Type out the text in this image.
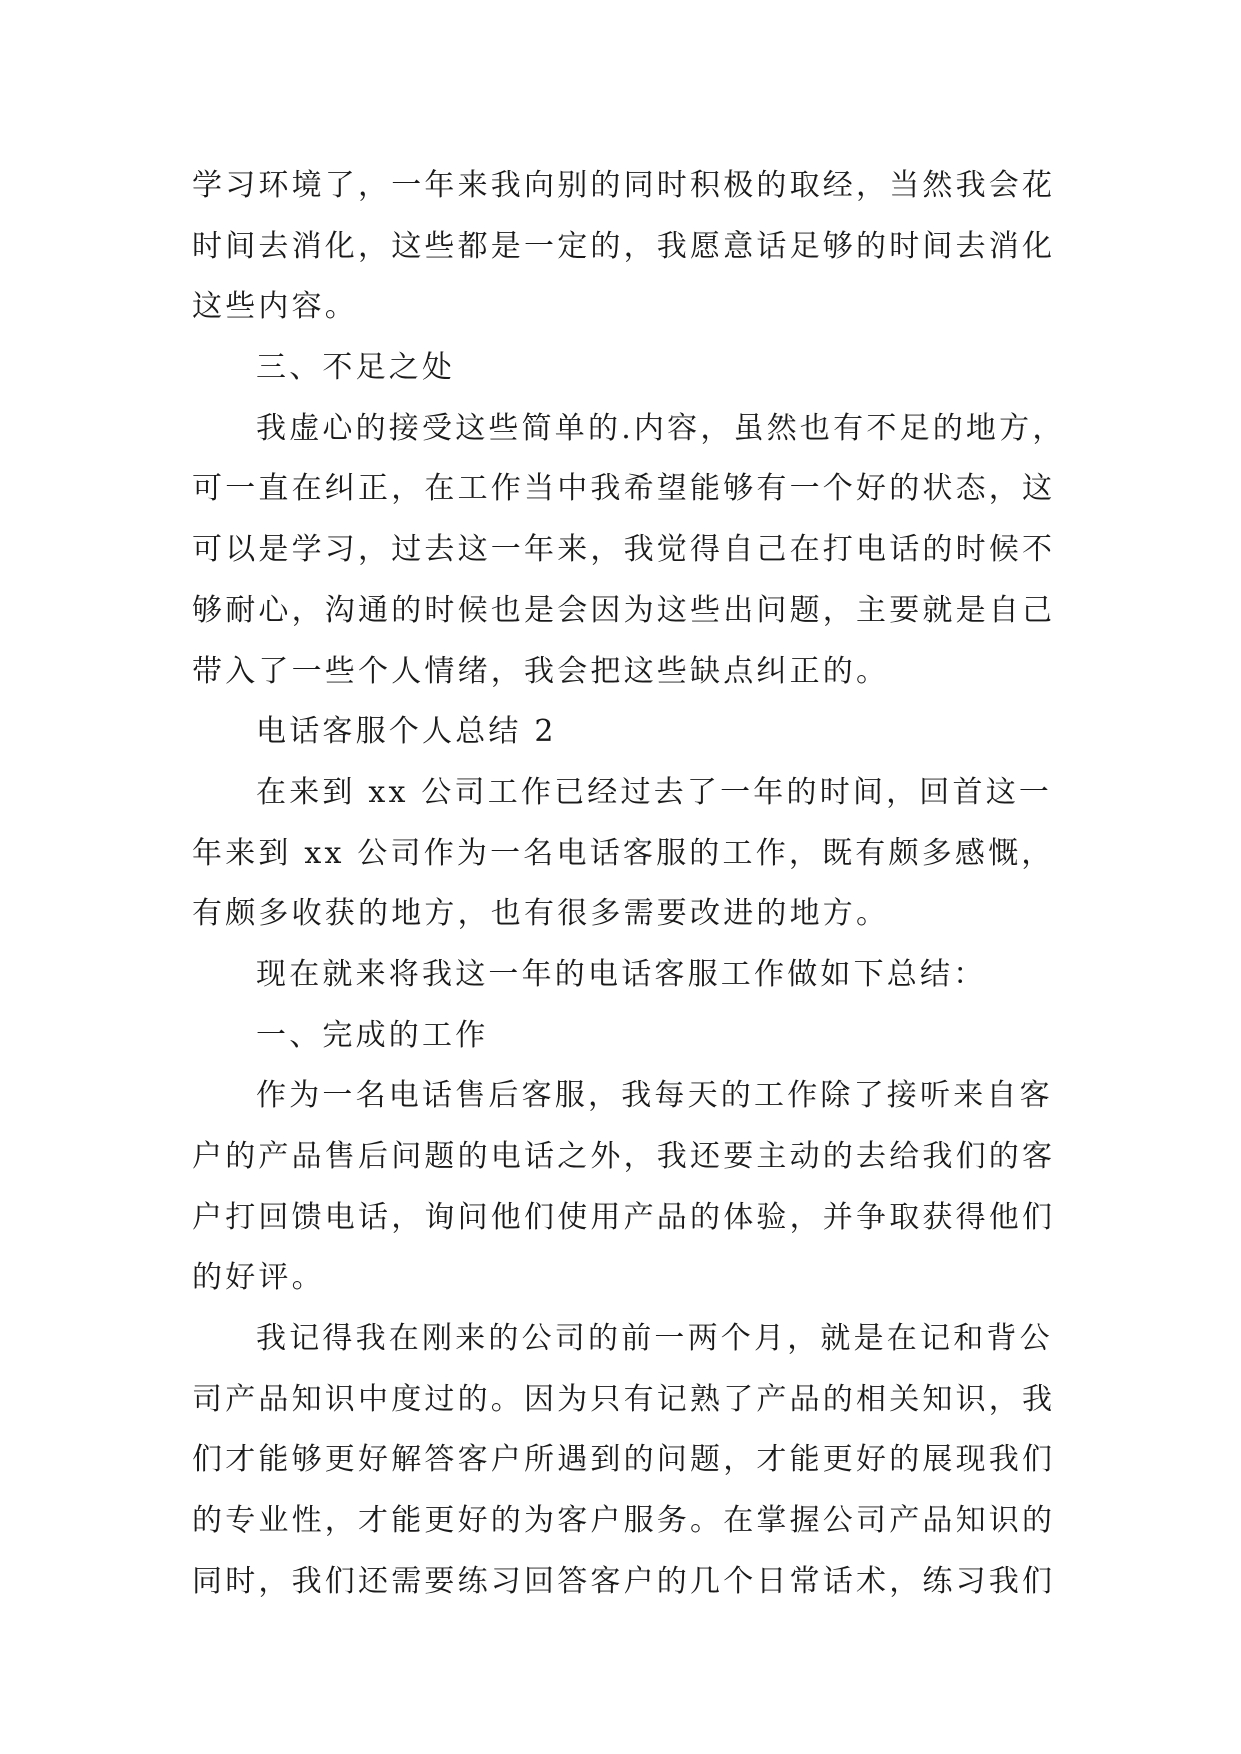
学习环境了，一年来我向别的同时积极的取经，当然我会花
时间去消化，这些都是一定的，我愿意话足够的时间去消化
这些内容。
三、不足之处
我虚心的接受这些简单的.内容，虽然也有不足的地方，
可一直在纠正，在工作当中我希望能够有一个好的状态，这
可以是学习，过去这一年来，我觉得自己在打电话的时候不
够耐心，沟通的时候也是会因为这些出问题，主要就是自己
带入了一些个人情绪，我会把这些缺点纠正的。
电话客服个人总结 2
在来到 xx 公司工作已经过去了一年的时间，回首这一
年来到 xx 公司作为一名电话客服的工作，既有颇多感慨，
有颇多收获的地方，也有很多需要改进的地方。
现在就来将我这一年的电话客服工作做如下总结：
一、完成的工作
作为一名电话售后客服，我每天的工作除了接听来自客
户的产品售后问题的电话之外，我还要主动的去给我们的客
户打回馈电话，询问他们使用产品的体验，并争取获得他们
的好评。
我记得我在刚来的公司的前一两个月，就是在记和背公
司产品知识中度过的。因为只有记熟了产品的相关知识，我
们才能够更好解答客户所遇到的问题，才能更好的展现我们
的专业性，才能更好的为客户服务。在掌握公司产品知识的
同时，我们还需要练习回答客户的几个日常话术，练习我们
